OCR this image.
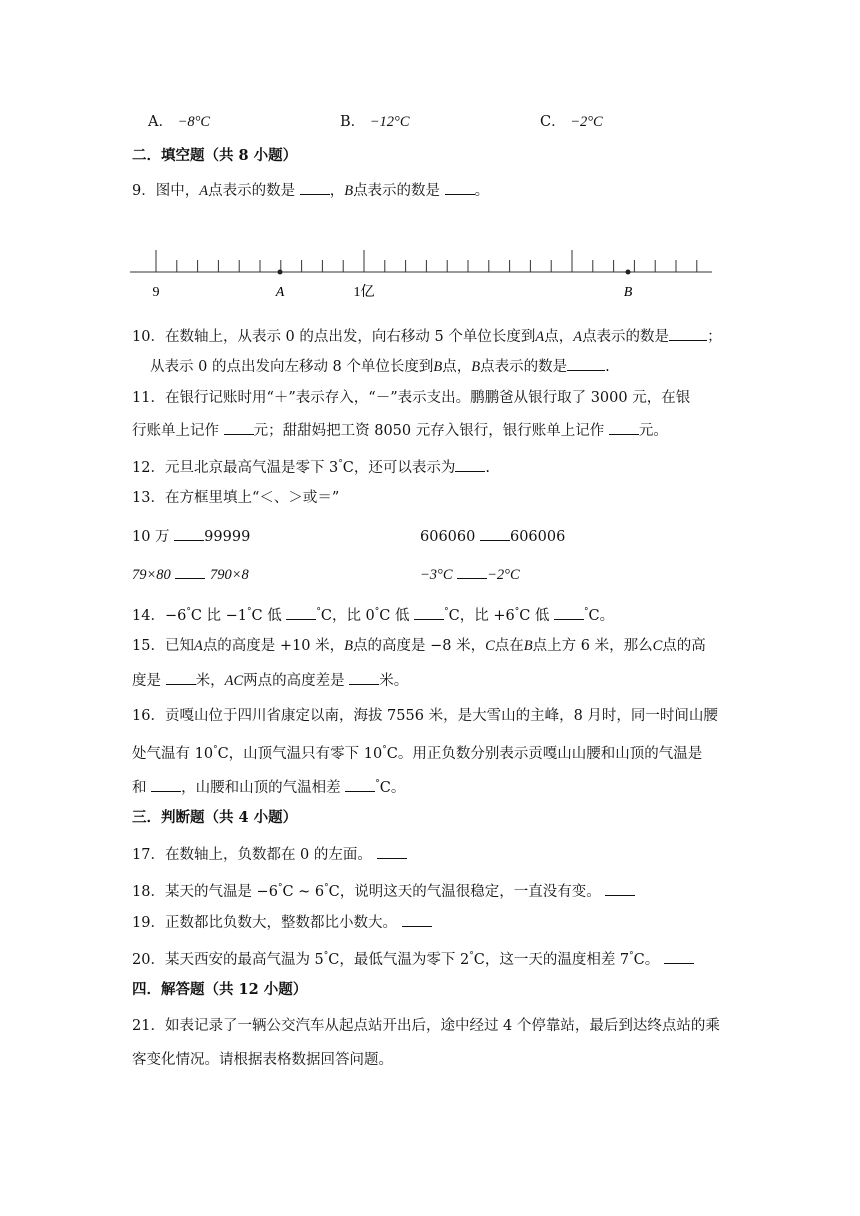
A． −8°C	B． −12°C	C． −2°C
二．填空题（共 8 小题）
9．图中，A点表示的数是 ，B点表示的数是 。
9	A	1亿	B
10．在数轴上，从表示 0 的点出发，向右移动 5 个单位长度到A点，A点表示的数是	；
从表示 0 的点出发向左移动 8 个单位长度到B点，B点表示的数是	.
11．在银行记账时用“＋”表示存入，“－”表示支出。鹏鹏爸从银行取了 3000 元，在银
行账单上记作 元；甜甜妈把工资 8050 元存入银行，银行账单上记作 元。
12．元旦北京最高气温是零下 3°C，还可以表示为 .
13．在方框里填上“＜、＞或＝”
10 万 99999	606060 606006
79×80	790×8	−3°C −2°C
14．−6°C 比 −1°C 低	°C，比 0°C 低	°C，比 +6°C 低	°C。
15．已知A点的高度是 +10 米，B点的高度是 −8 米，C点在B点上方 6 米，那么C点的高
度是 米，AC两点的高度差是 米。
16．贡嘎山位于四川省康定以南，海拔 7556 米，是大雪山的主峰，8 月时，同一时间山腰
处气温有 10°C，山顶气温只有零下 10°C。用正负数分别表示贡嘎山山腰和山顶的气温是
和 ，山腰和山顶的气温相差	°C。
三．判断题（共 4 小题）
17．在数轴上，负数都在 0 的左面。
18．某天的气温是 −6°C ~ 6°C，说明这天的气温很稳定，一直没有变。
19．正数都比负数大，整数都比小数大。
20．某天西安的最高气温为 5°C，最低气温为零下 2°C，这一天的温度相差 7°C。
四．解答题（共 12 小题）
21．如表记录了一辆公交汽车从起点站开出后，途中经过 4 个停靠站，最后到达终点站的乘
客变化情况。请根据表格数据回答问题。
